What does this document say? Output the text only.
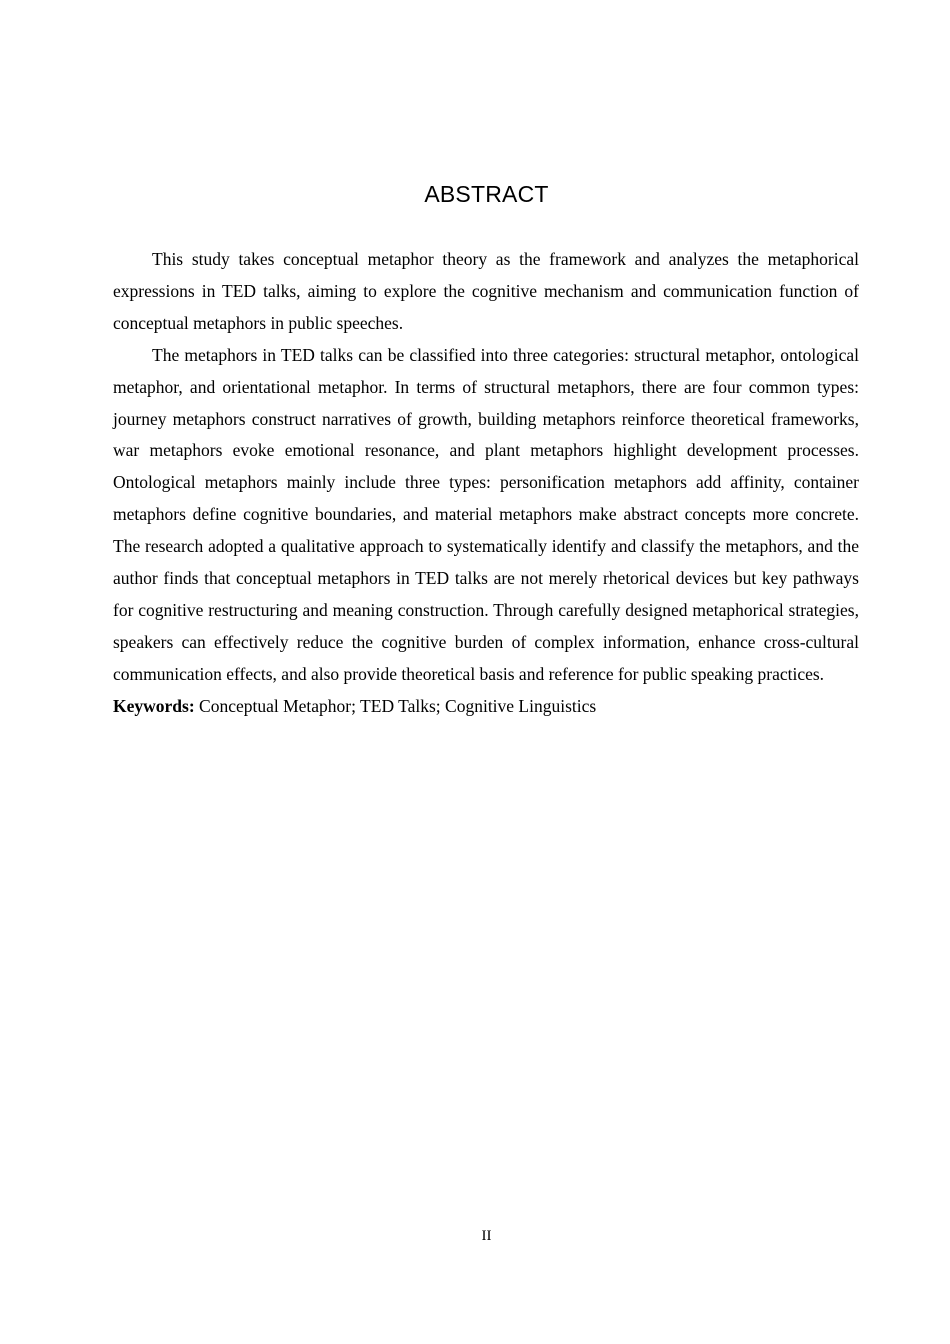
ABSTRACT

This study takes conceptual metaphor theory as the framework and analyzes the metaphorical expressions in TED talks, aiming to explore the cognitive mechanism and communication function of conceptual metaphors in public speeches.

The metaphors in TED talks can be classified into three categories: structural metaphor, ontological metaphor, and orientational metaphor. In terms of structural metaphors, there are four common types: journey metaphors construct narratives of growth, building metaphors reinforce theoretical frameworks, war metaphors evoke emotional resonance, and plant metaphors highlight development processes. Ontological metaphors mainly include three types: personification metaphors add affinity, container metaphors define cognitive boundaries, and material metaphors make abstract concepts more concrete. The research adopted a qualitative approach to systematically identify and classify the metaphors, and the author finds that conceptual metaphors in TED talks are not merely rhetorical devices but key pathways for cognitive restructuring and meaning construction. Through carefully designed metaphorical strategies, speakers can effectively reduce the cognitive burden of complex information, enhance cross-cultural communication effects, and also provide theoretical basis and reference for public speaking practices.

Keywords: Conceptual Metaphor; TED Talks; Cognitive Linguistics

II
